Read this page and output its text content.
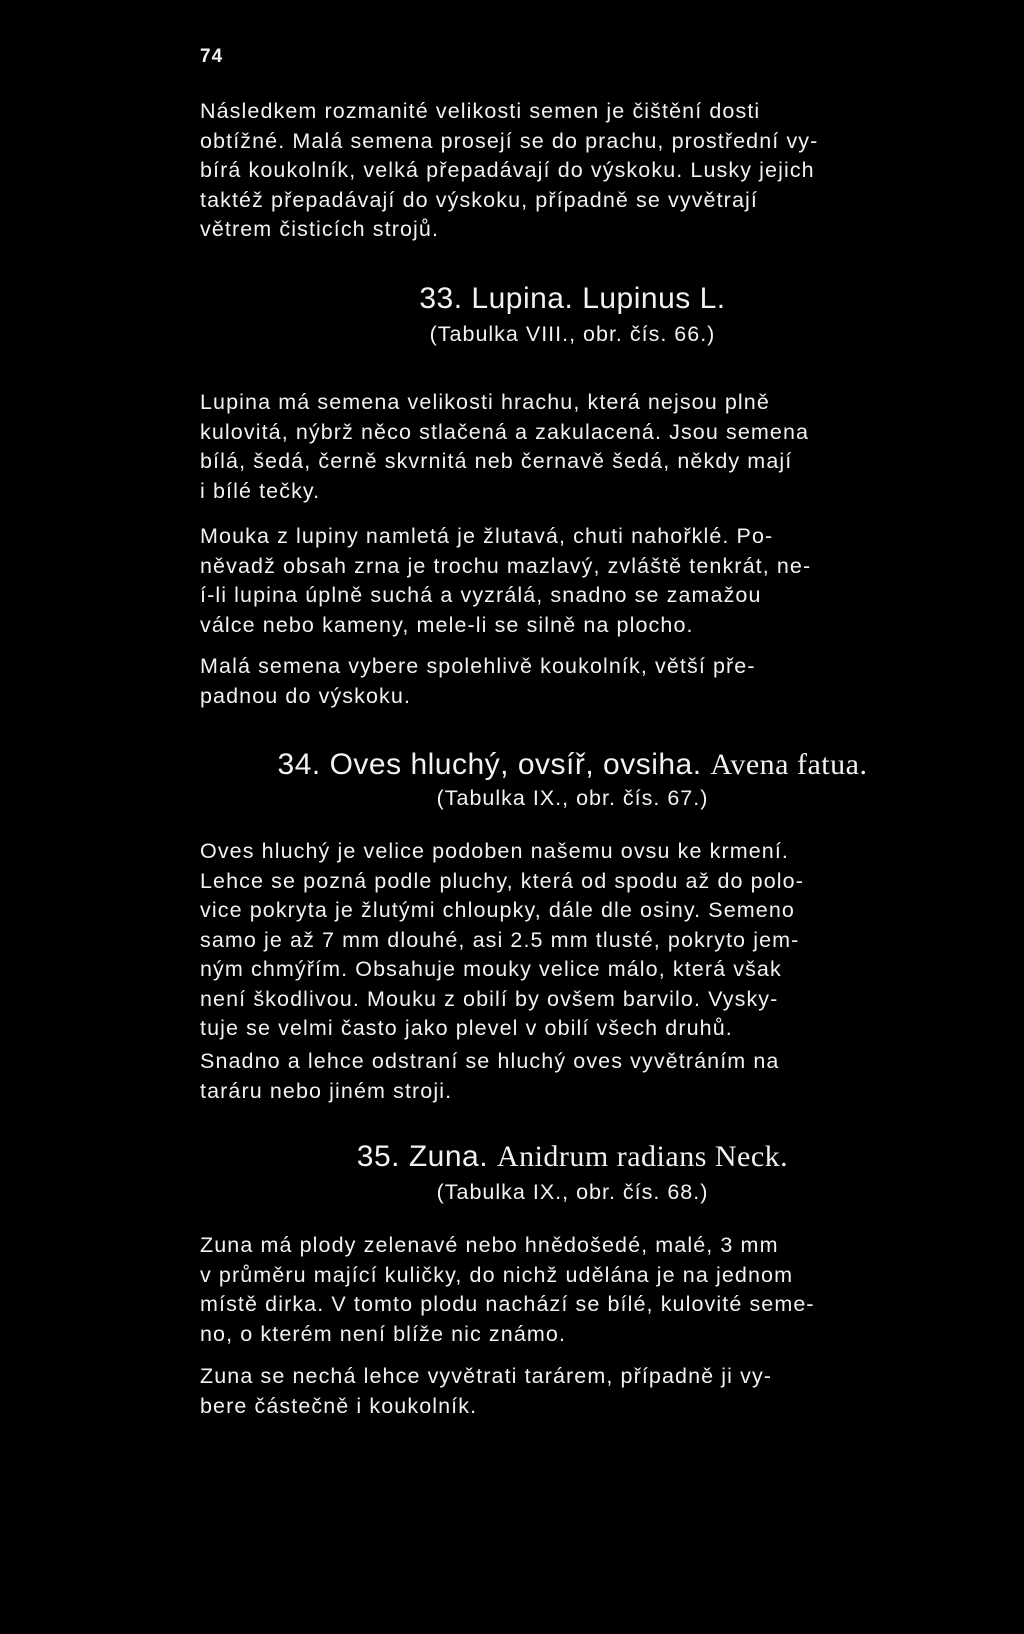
74

Následkem rozmanité velikosti semen je čištění dosti
obtížné. Malá semena prosejí se do prachu, prostřední vy-
bírá koukolník, velká přepadávají do výskoku. Lusky jejich
taktéž přepadávají do výskoku, případně se vyvětrají
větrem čisticích strojů.

33. Lupina. Lupinus L.

(Tabulka VIII., obr. čís. 66.)

Lupina má semena velikosti hrachu, která nejsou plně
kulovitá, nýbrž něco stlačená a zakulacená. Jsou semena
bílá, šedá, černě skvrnitá neb černavě šedá, někdy mají
i bílé tečky.

Mouka z lupiny namletá je žlutavá, chuti nahořklé. Po-
něvadž obsah zrna je trochu mazlavý, zvláště tenkrát, ne-
í-li lupina úplně suchá a vyzrálá, snadno se zamažou
válce nebo kameny, mele-li se silně na plocho.

Malá semena vybere spolehlivě koukolník, větší pře-
padnou do výskoku.

34. Oves hluchý, ovsíř, ovsiha. Avena fatua.

(Tabulka IX., obr. čís. 67.)

Oves hluchý je velice podoben našemu ovsu ke krmení.
Lehce se pozná podle pluchy, která od spodu až do polo-
vice pokryta je žlutými chloupky, dále dle osiny. Semeno
samo je až 7 mm dlouhé, asi 2.5 mm tlusté, pokryto jem-
ným chmýřím. Obsahuje mouky velice málo, která však
není škodlivou. Mouku z obilí by ovšem barvilo. Vysky-
tuje se velmi často jako plevel v obilí všech druhů.

Snadno a lehce odstraní se hluchý oves vyvětráním na
taráru nebo jiném stroji.

35. Zuna. Anidrum radians Neck.

(Tabulka IX., obr. čís. 68.)

Zuna má plody zelenavé nebo hnědošedé, malé, 3 mm
v průměru mající kuličky, do nichž udělána je na jednom
místě dirka. V tomto plodu nachází se bílé, kulovité seme-
no, o kterém není blíže nic známo.

Zuna se nechá lehce vyvětrati tarárem, případně ji vy-
bere částečně i koukolník.
